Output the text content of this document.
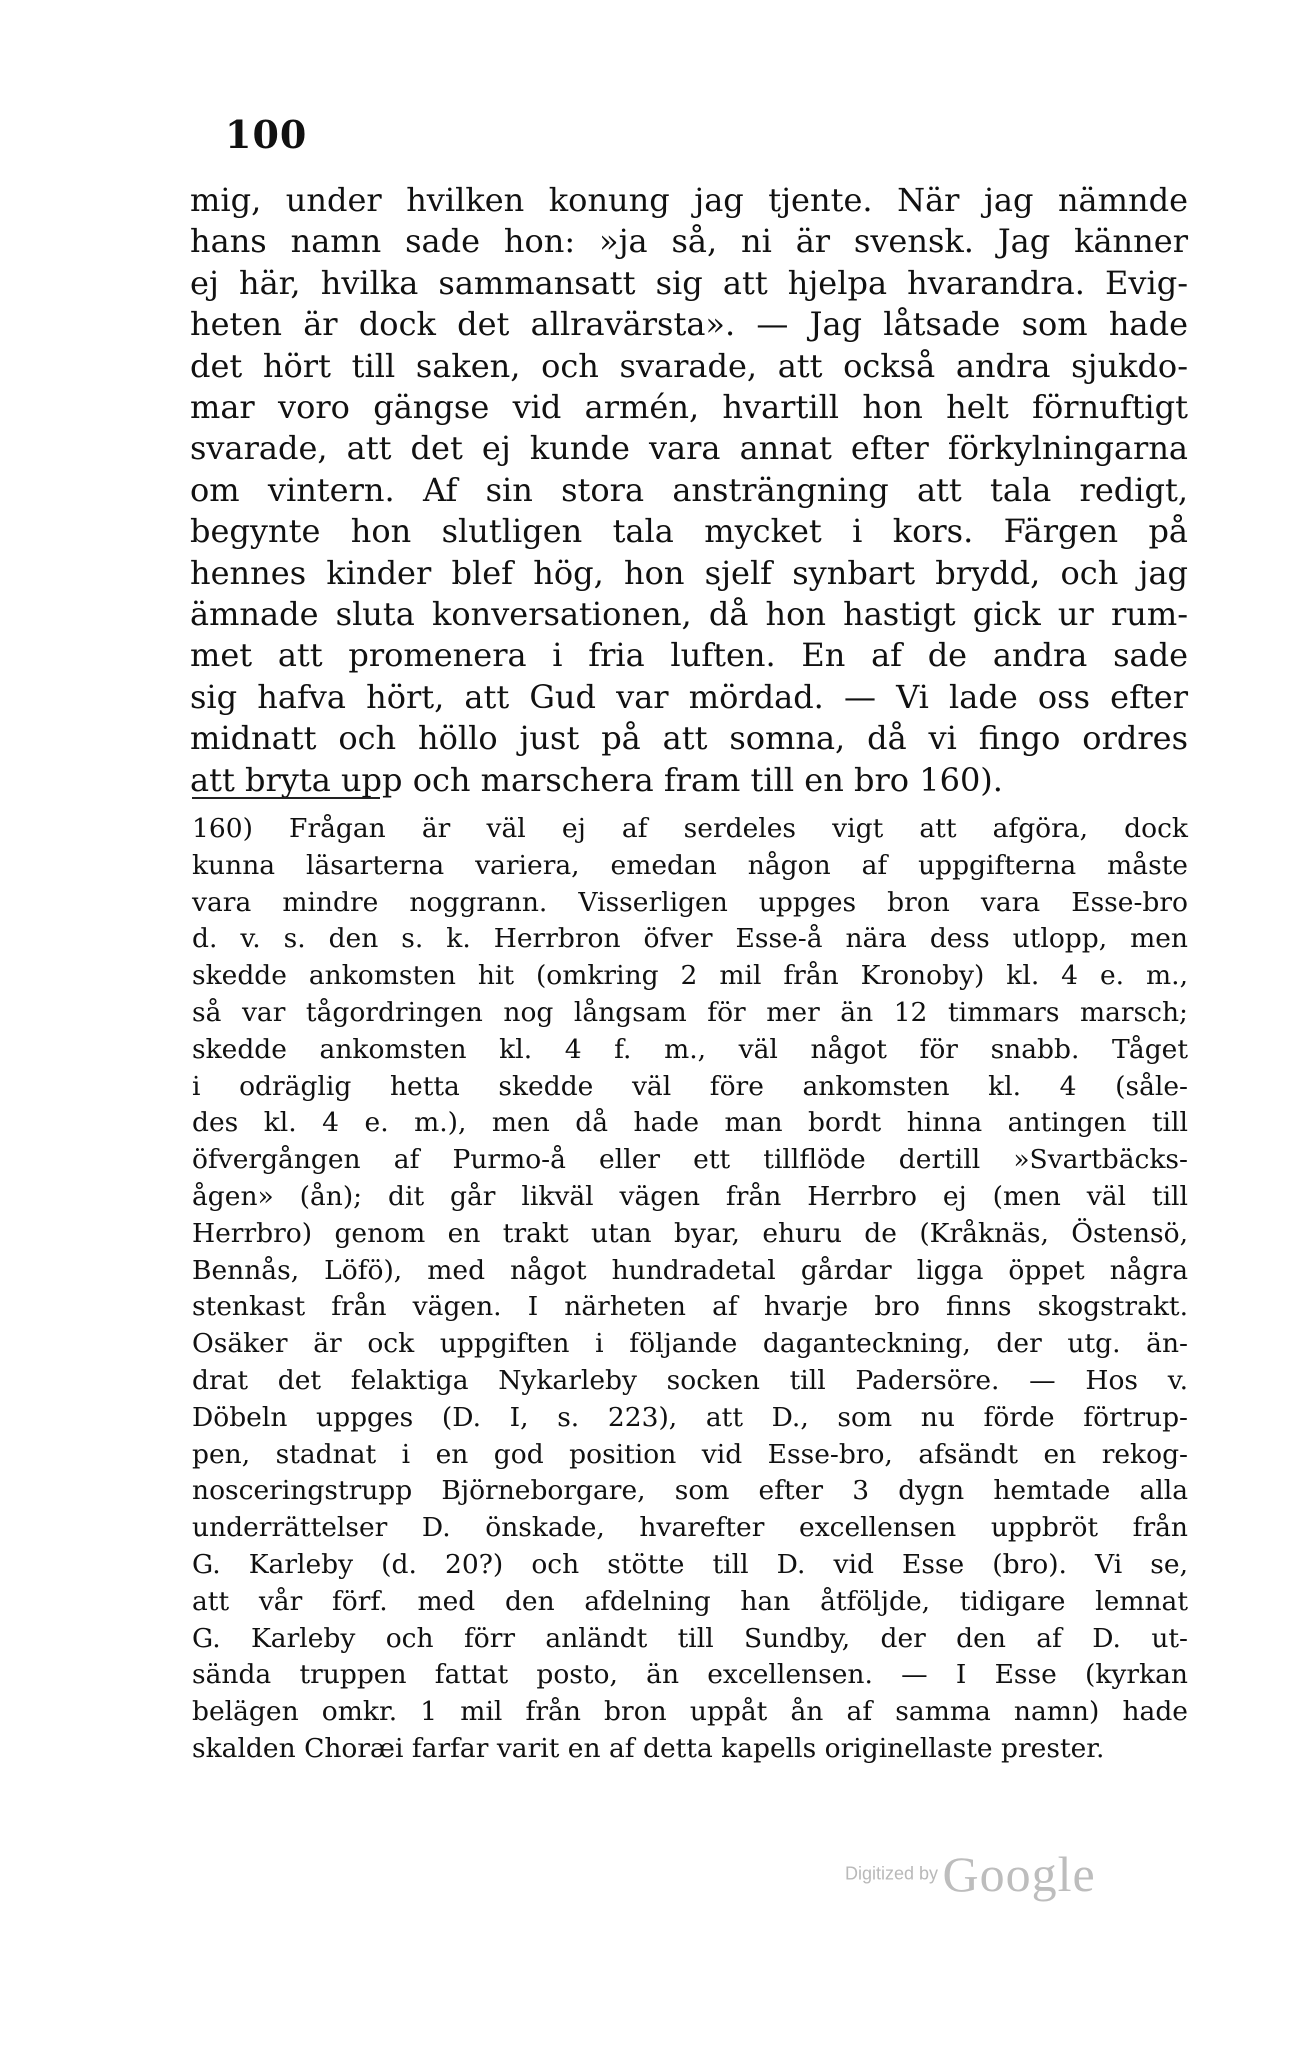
100
mig, under hvilken konung jag tjente. När jag nämnde
hans namn sade hon: »ja så, ni är svensk. Jag känner
ej här, hvilka sammansatt sig att hjelpa hvarandra. Evig-
heten är dock det allravärsta». — Jag låtsade som hade
det hört till saken, och svarade, att också andra sjukdo-
mar voro gängse vid armén, hvartill hon helt förnuftigt
svarade, att det ej kunde vara annat efter förkylningarna
om vintern. Af sin stora ansträngning att tala redigt,
begynte hon slutligen tala mycket i kors. Färgen på
hennes kinder blef hög, hon sjelf synbart brydd, och jag
ämnade sluta konversationen, då hon hastigt gick ur rum-
met att promenera i fria luften. En af de andra sade
sig hafva hört, att Gud var mördad. — Vi lade oss efter
midnatt och höllo just på att somna, då vi fingo ordres
att bryta upp och marschera fram till en bro 160).
160) Frågan är väl ej af serdeles vigt att afgöra, dock
kunna läsarterna variera, emedan någon af uppgifterna måste
vara mindre noggrann. Visserligen uppges bron vara Esse-bro
d. v. s. den s. k. Herrbron öfver Esse-å nära dess utlopp, men
skedde ankomsten hit (omkring 2 mil från Kronoby) kl. 4 e. m.,
så var tågordringen nog långsam för mer än 12 timmars marsch;
skedde ankomsten kl. 4 f. m., väl något för snabb. Tåget
i odräglig hetta skedde väl före ankomsten kl. 4 (såle-
des kl. 4 e. m.), men då hade man bordt hinna antingen till
öfvergången af Purmo-å eller ett tillflöde dertill »Svartbäcks-
ågen» (ån); dit går likväl vägen från Herrbro ej (men väl till
Herrbro) genom en trakt utan byar, ehuru de (Kråknäs, Östensö,
Bennås, Löfö), med något hundradetal gårdar ligga öppet några
stenkast från vägen. I närheten af hvarje bro finns skogstrakt.
Osäker är ock uppgiften i följande daganteckning, der utg. än-
drat det felaktiga Nykarleby socken till Padersöre. — Hos v.
Döbeln uppges (D. I, s. 223), att D., som nu förde förtrup-
pen, stadnat i en god position vid Esse-bro, afsändt en rekog-
nosceringstrupp Björneborgare, som efter 3 dygn hemtade alla
underrättelser D. önskade, hvarefter excellensen uppbröt från
G. Karleby (d. 20?) och stötte till D. vid Esse (bro). Vi se,
att vår förf. med den afdelning han åtföljde, tidigare lemnat
G. Karleby och förr anländt till Sundby, der den af D. ut-
sända truppen fattat posto, än excellensen. — I Esse (kyrkan
belägen omkr. 1 mil från bron uppåt ån af samma namn) hade
skalden Choræi farfar varit en af detta kapells originellaste prester.
Digitized by Google
